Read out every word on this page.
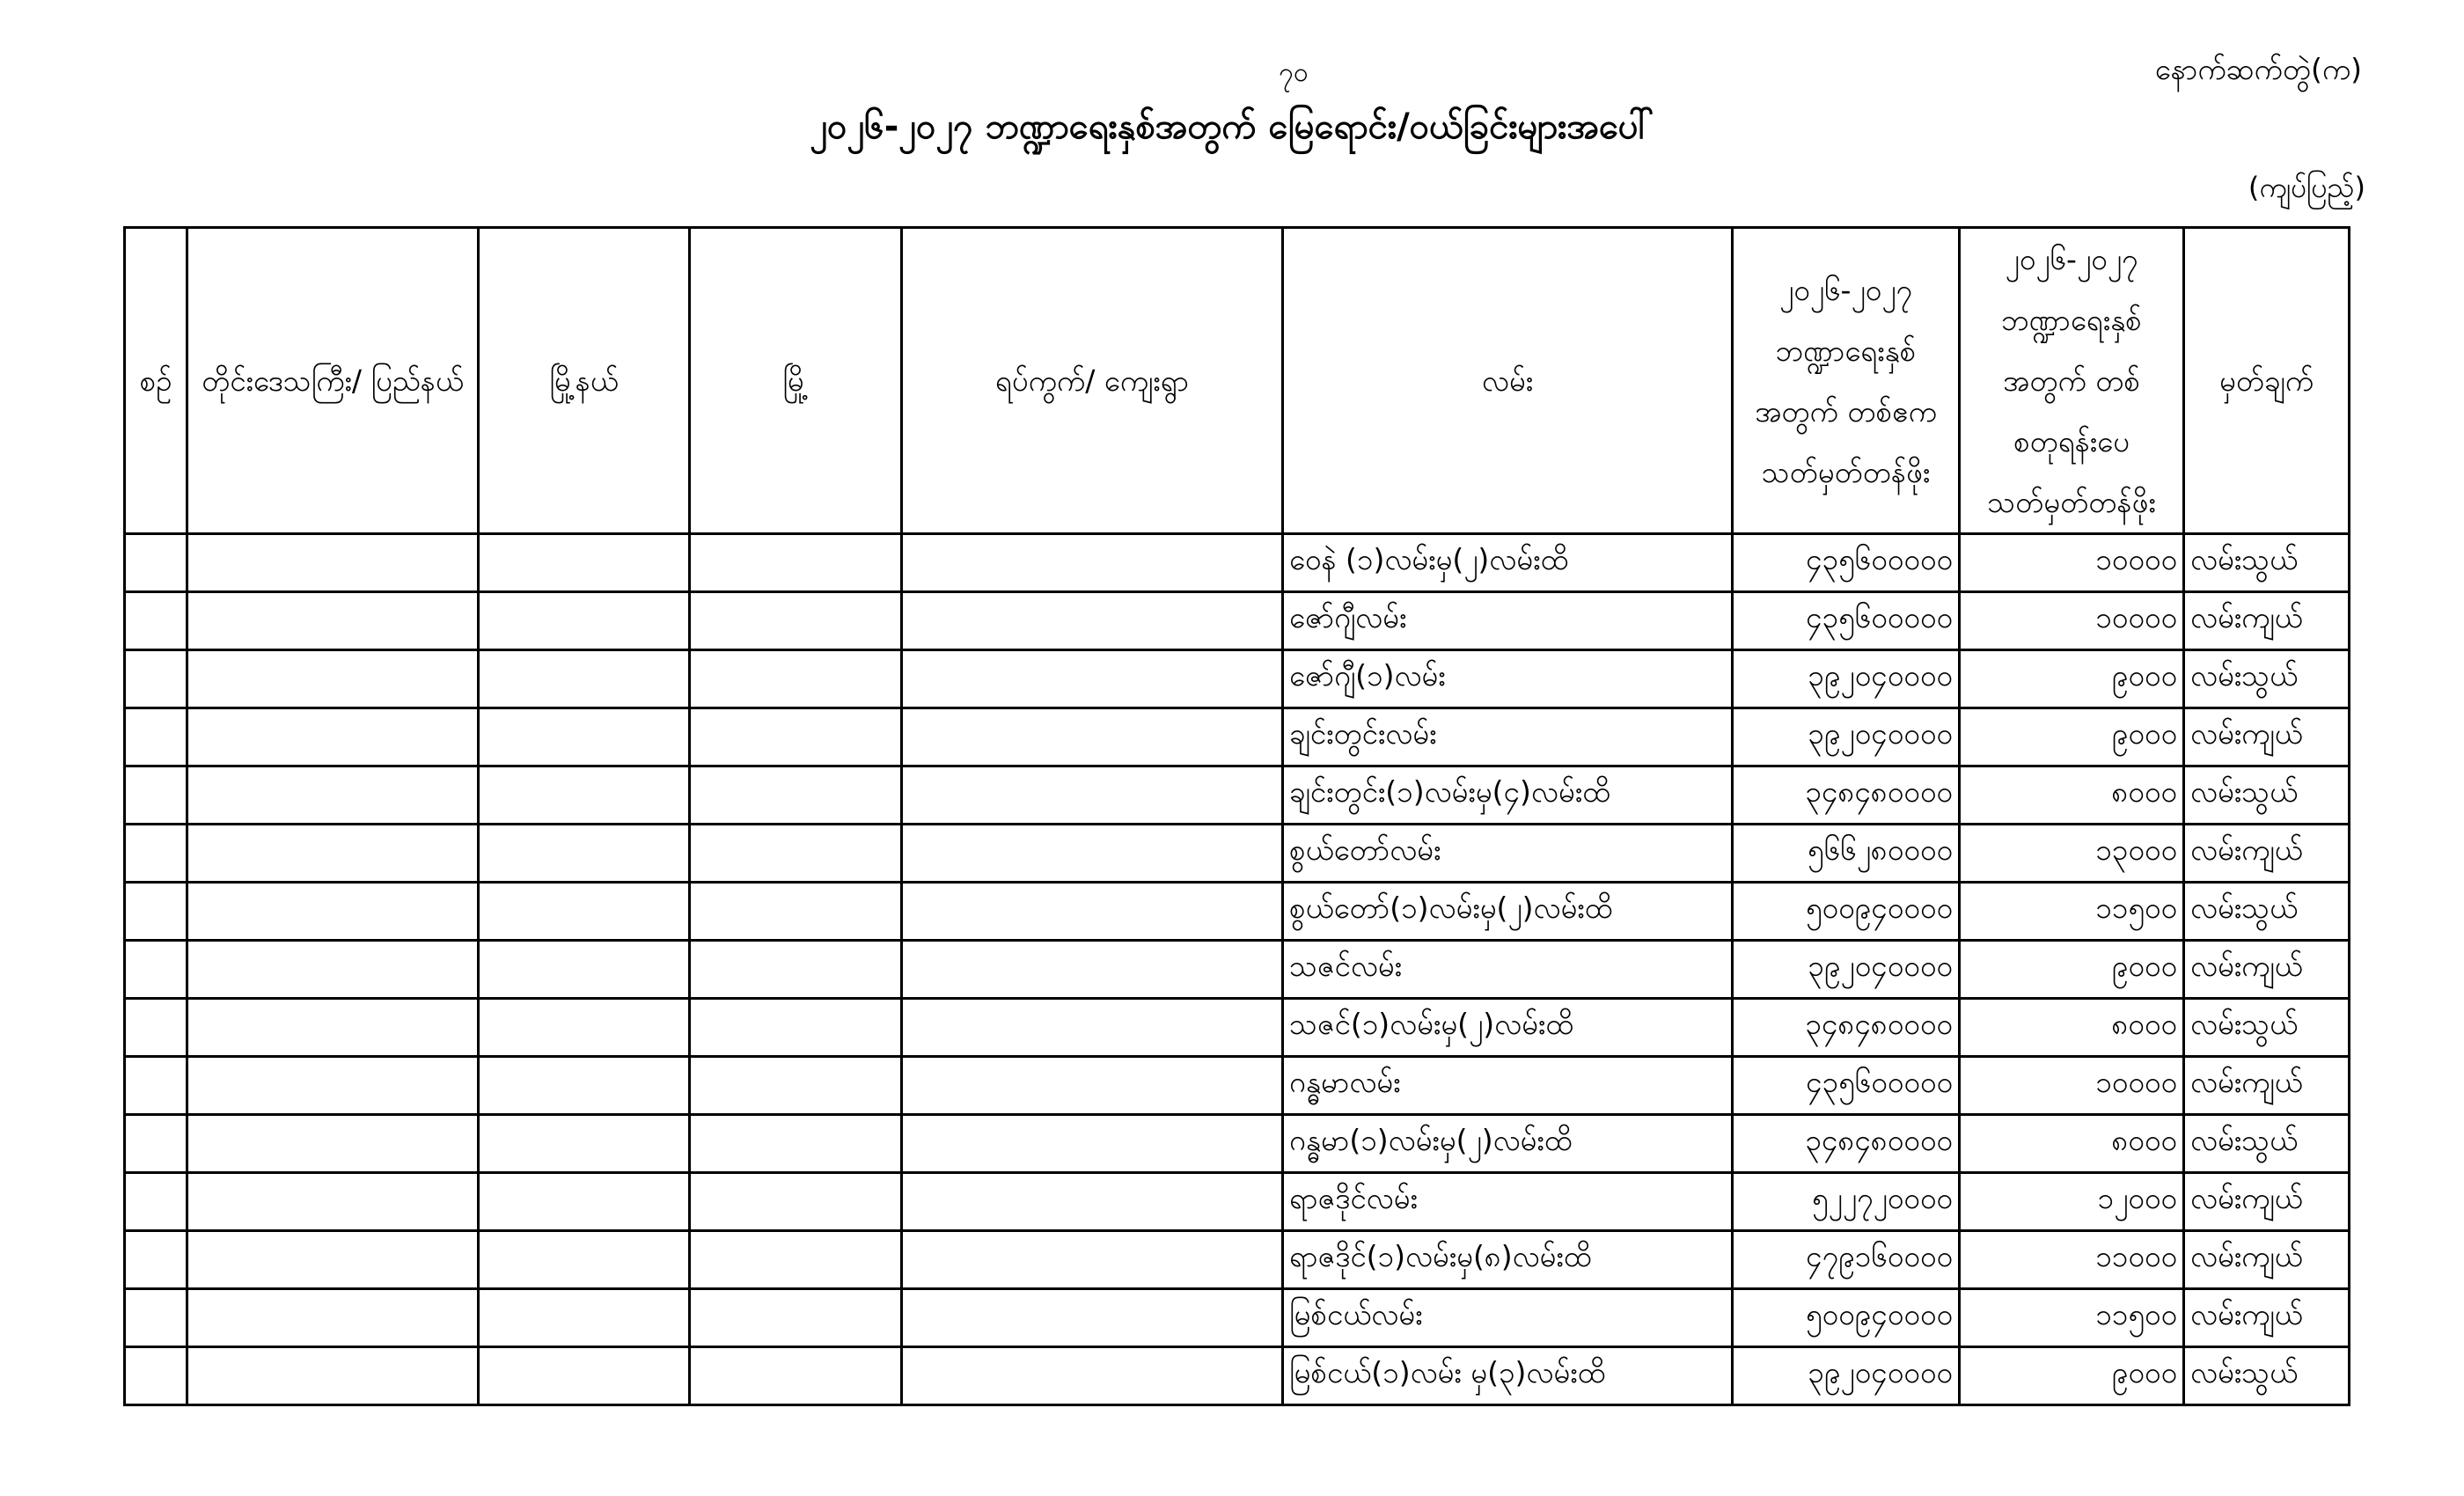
၇၀	နောက်ဆက်တွဲ(က)
၂၀၂၆-၂၀၂၇ ဘဏ္ဍာရေးနှစ်အတွက် မြေရောင်း/ဝယ်ခြင်းများအပေါ်
(ကျပ်ပြည့်)
စဉ်	တိုင်းဒေသကြီး/ ပြည်နယ်	မြို့နယ်	မြို့	ရပ်ကွက်/ ကျေးရွာ	လမ်း	၂၀၂၆-၂၀၂၇ ဘဏ္ဍာရေးနှစ် အတွက် တစ်ဧက သတ်မှတ်တန်ဖိုး	၂၀၂၆-၂၀၂၇ ဘဏ္ဍာရေးနှစ် အတွက် တစ်စတုရန်းပေ သတ်မှတ်တန်ဖိုး	မှတ်ချက်
					ဝေနဲ (၁)လမ်းမှ(၂)လမ်းထိ	၄၃၅၆၀၀၀၀၀	၁၀၀၀၀	လမ်းသွယ်
					ဇော်ဂျီလမ်း	၄၃၅၆၀၀၀၀၀	၁၀၀၀၀	လမ်းကျယ်
					ဇော်ဂျီ(၁)လမ်း	၃၉၂၀၄၀၀၀၀	၉၀၀၀	လမ်းသွယ်
					ချင်းတွင်းလမ်း	၃၉၂၀၄၀၀၀၀	၉၀၀၀	လမ်းကျယ်
					ချင်းတွင်း(၁)လမ်းမှ(၄)လမ်းထိ	၃၄၈၄၈၀၀၀၀	၈၀၀၀	လမ်းသွယ်
					စွယ်တော်လမ်း	၅၆၆၂၈၀၀၀၀	၁၃၀၀၀	လမ်းကျယ်
					စွယ်တော်(၁)လမ်းမှ(၂)လမ်းထိ	၅၀၀၉၄၀၀၀၀	၁၁၅၀၀	လမ်းသွယ်
					သဇင်လမ်း	၃၉၂၀၄၀၀၀၀	၉၀၀၀	လမ်းကျယ်
					သဇင်(၁)လမ်းမှ(၂)လမ်းထိ	၃၄၈၄၈၀၀၀၀	၈၀၀၀	လမ်းသွယ်
					ဂန္ဓမာလမ်း	၄၃၅၆၀၀၀၀၀	၁၀၀၀၀	လမ်းကျယ်
					ဂန္ဓမာ(၁)လမ်းမှ(၂)လမ်းထိ	၃၄၈၄၈၀၀၀၀	၈၀၀၀	လမ်းသွယ်
					ရာဇဒိုင်လမ်း	၅၂၂၇၂၀၀၀၀	၁၂၀၀၀	လမ်းကျယ်
					ရာဇဒိုင်(၁)လမ်းမှ(၈)လမ်းထိ	၄၇၉၁၆၀၀၀၀	၁၁၀၀၀	လမ်းကျယ်
					မြစ်ငယ်လမ်း	၅၀၀၉၄၀၀၀၀	၁၁၅၀၀	လမ်းကျယ်
					မြစ်ငယ်(၁)လမ်း မှ(၃)လမ်းထိ	၃၉၂၀၄၀၀၀၀	၉၀၀၀	လမ်းသွယ်
